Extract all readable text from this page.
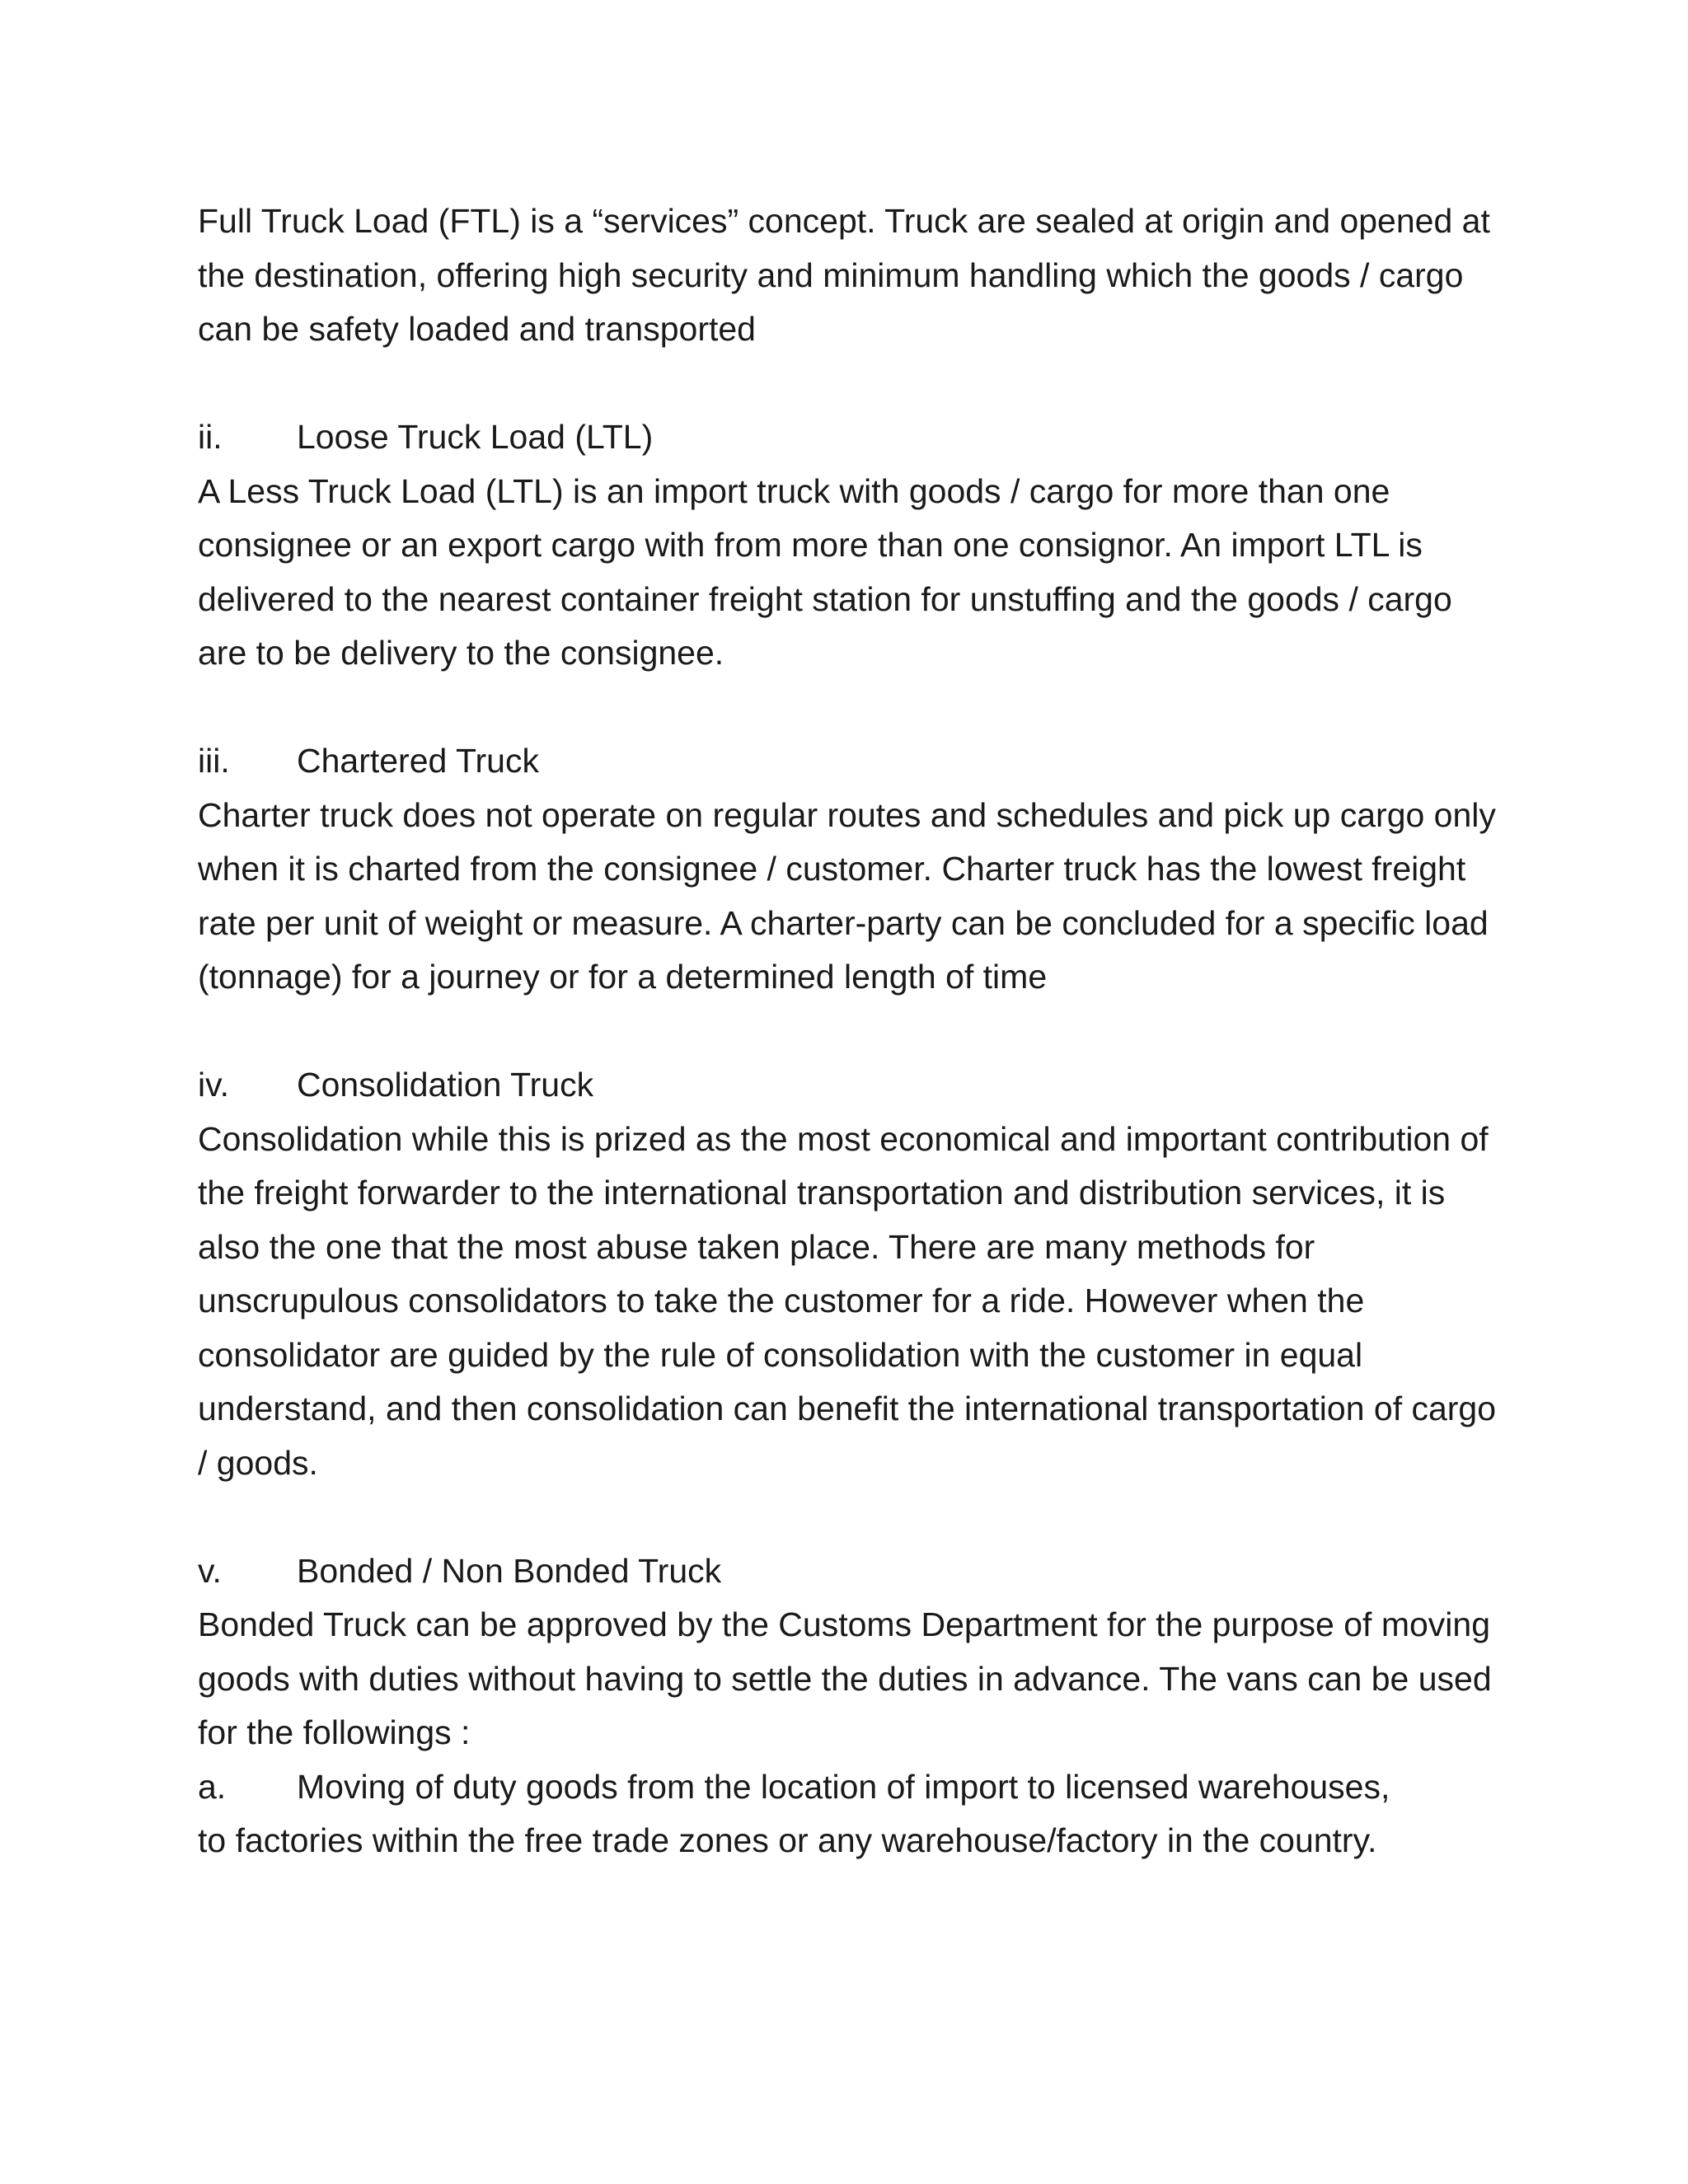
Full Truck Load (FTL) is a “services” concept. Truck are sealed at origin and opened at the destination, offering high security and minimum handling which the goods / cargo can be safety loaded and transported

ii.	Loose Truck Load (LTL)

A Less Truck Load (LTL) is an import truck with goods / cargo for more than one consignee or an export cargo with from more than one consignor. An import LTL is delivered to the nearest container freight station for unstuffing and the goods / cargo are to be delivery to the consignee.

iii.	Chartered Truck

Charter truck does not operate on regular routes and schedules and pick up cargo only when it is charted from the consignee / customer. Charter truck has the lowest freight rate per unit of weight or measure. A charter-party can be concluded for a specific load (tonnage) for a journey or for a determined length of time

iv.	Consolidation Truck

Consolidation while this is prized as the most economical and important contribution of the freight forwarder to the international transportation and distribution services, it is also the one that the most abuse taken place. There are many methods for unscrupulous consolidators to take the customer for a ride. However when the consolidator are guided by the rule of consolidation with the customer in equal understand, and then consolidation can benefit the international transportation of cargo / goods.

v.	Bonded / Non Bonded Truck

Bonded Truck can be approved by the Customs Department for the purpose of moving goods with duties without having to settle the duties in advance. The vans can be used for the followings :

a.	Moving of duty goods from the location of import to licensed warehouses,
to factories within the free trade zones or any warehouse/factory in the country.
